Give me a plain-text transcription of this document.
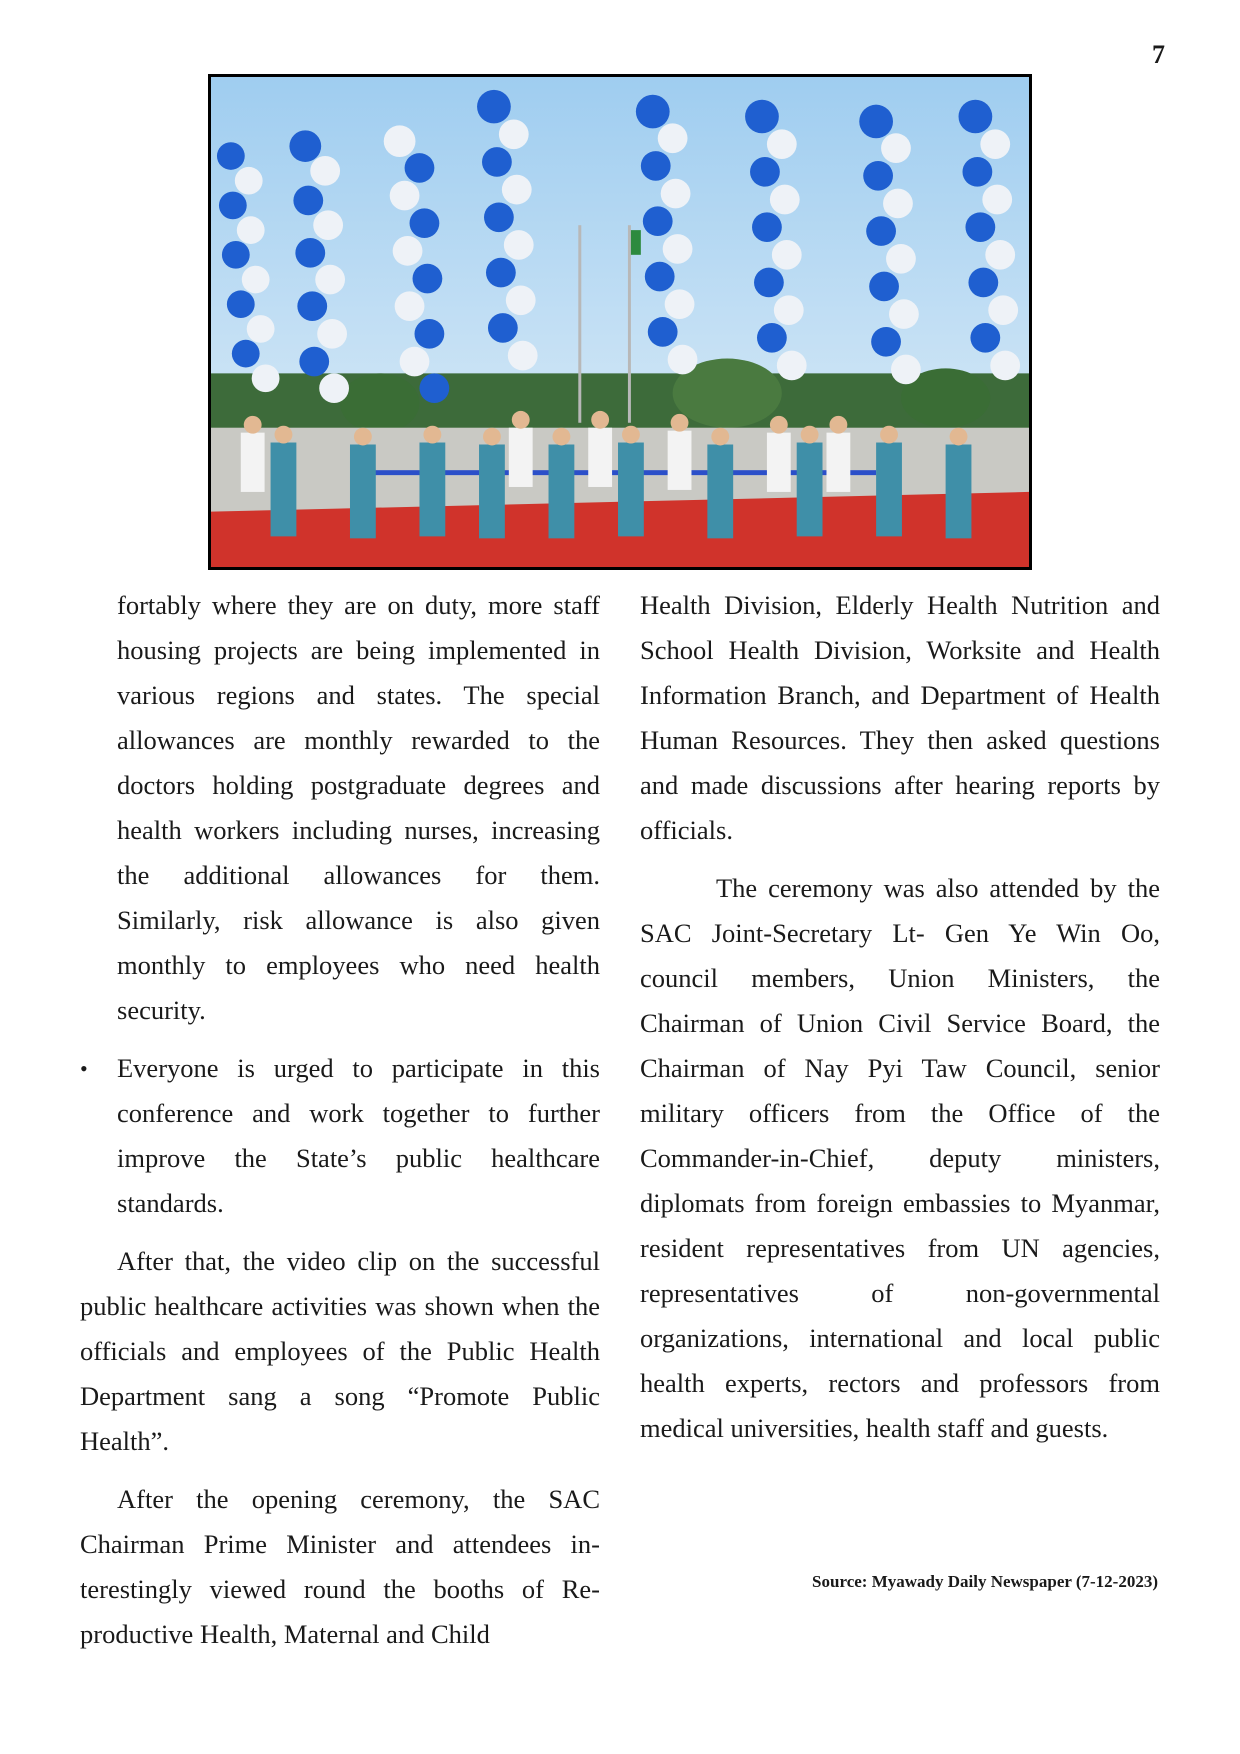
7

fortably where they are on duty, more staff housing projects are being implemented in various regions and states. The special allowances are monthly rewarded to the doctors holding postgraduate degrees and health workers including nurses, increasing the additional allowances for them. Similarly, risk allowance is also given monthly to employees who need health security.

•	Everyone is urged to participate in this conference and work together to further improve the State’s public healthcare standards.

After that, the video clip on the successful public healthcare activities was shown when the officials and employees of the Public Health Department sang a song “Promote Public Health”.

After the opening ceremony, the SAC Chairman Prime Minister and attendees interestingly viewed round the booths of Reproductive Health, Maternal and Child

Health Division, Elderly Health Nutrition and School Health Division, Worksite and Health Information Branch, and Department of Health Human Resources. They then asked questions and made discussions after hearing reports by officials.

The ceremony was also attended by the SAC Joint-Secretary Lt- Gen Ye Win Oo, council members, Union Ministers, the Chairman of Union Civil Service Board, the Chairman of Nay Pyi Taw Council, senior military officers from the Office of the Commander-in-Chief, deputy ministers, diplomats from foreign embassies to Myanmar, resident representatives from UN agencies, representatives of non-governmental organizations, international and local public health experts, rectors and professors from medical universities, health staff and guests.

Source: Myawady Daily Newspaper (7-12-2023)
